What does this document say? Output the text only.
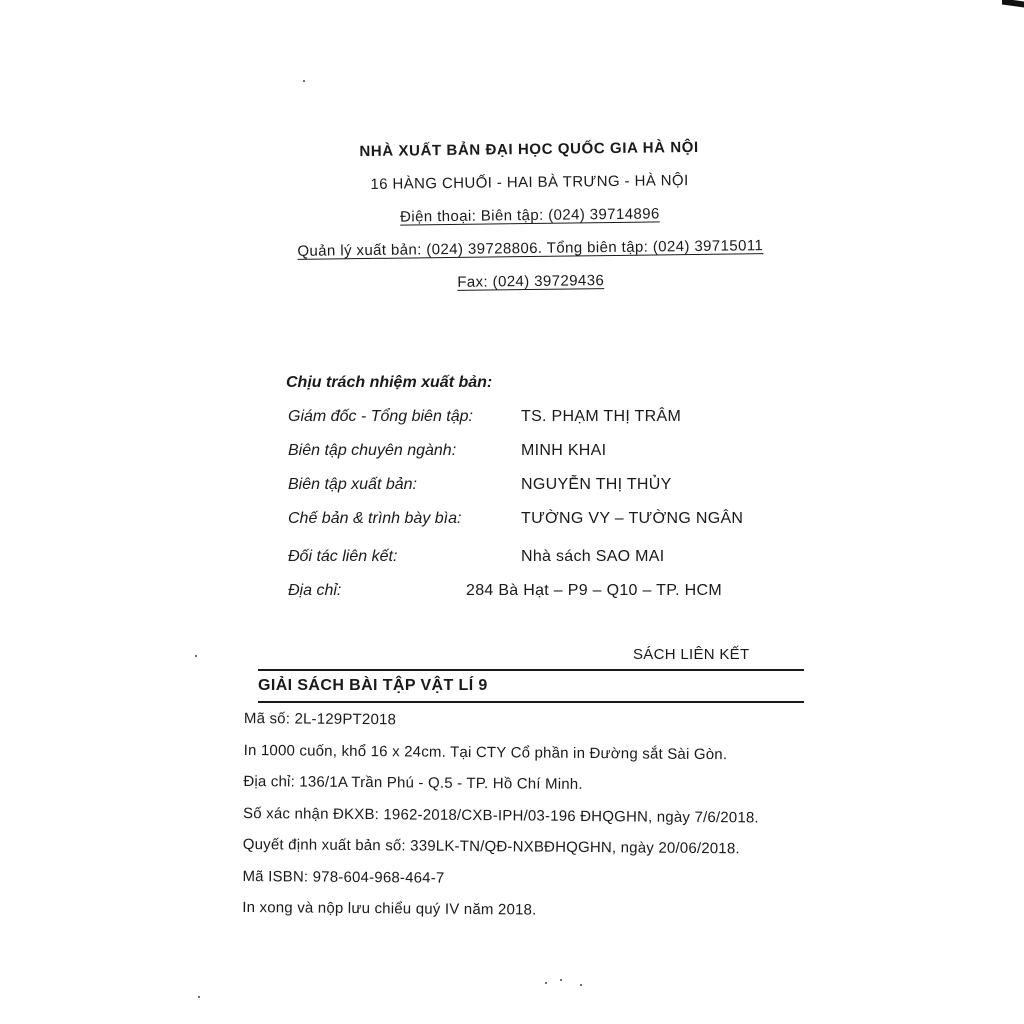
NHÀ XUẤT BẢN ĐẠI HỌC QUỐC GIA HÀ NỘI
16 HÀNG CHUỐI - HAI BÀ TRƯNG - HÀ NỘI
Điện thoại: Biên tập: (024) 39714896
Quản lý xuất bản: (024) 39728806. Tổng biên tập: (024) 39715011
Fax: (024) 39729436
Chịu trách nhiệm xuất bản:
Giám đốc - Tổng biên tập:	TS. PHẠM THỊ TRÂM
Biên tập chuyên ngành:	MINH KHAI
Biên tập xuất bản:	NGUYỄN THỊ THỦY
Chế bản & trình bày bìa:	TƯỜNG VY – TƯỜNG NGÂN
Đối tác liên kết:	Nhà sách SAO MAI
Địa chỉ:	284 Bà Hạt – P9 – Q10 – TP. HCM
SÁCH LIÊN KẾT
GIẢI SÁCH BÀI TẬP VẬT LÍ 9
Mã số: 2L-129PT2018
In 1000 cuốn, khổ 16 x 24cm. Tại CTY Cổ phần in Đường sắt Sài Gòn.
Địa chỉ: 136/1A Trần Phú - Q.5 - TP. Hồ Chí Minh.
Số xác nhận ĐKXB: 1962-2018/CXB-IPH/03-196 ĐHQGHN, ngày 7/6/2018.
Quyết định xuất bản số: 339LK-TN/QĐ-NXBĐHQGHN, ngày 20/06/2018.
Mã ISBN: 978-604-968-464-7
In xong và nộp lưu chiểu quý IV năm 2018.
